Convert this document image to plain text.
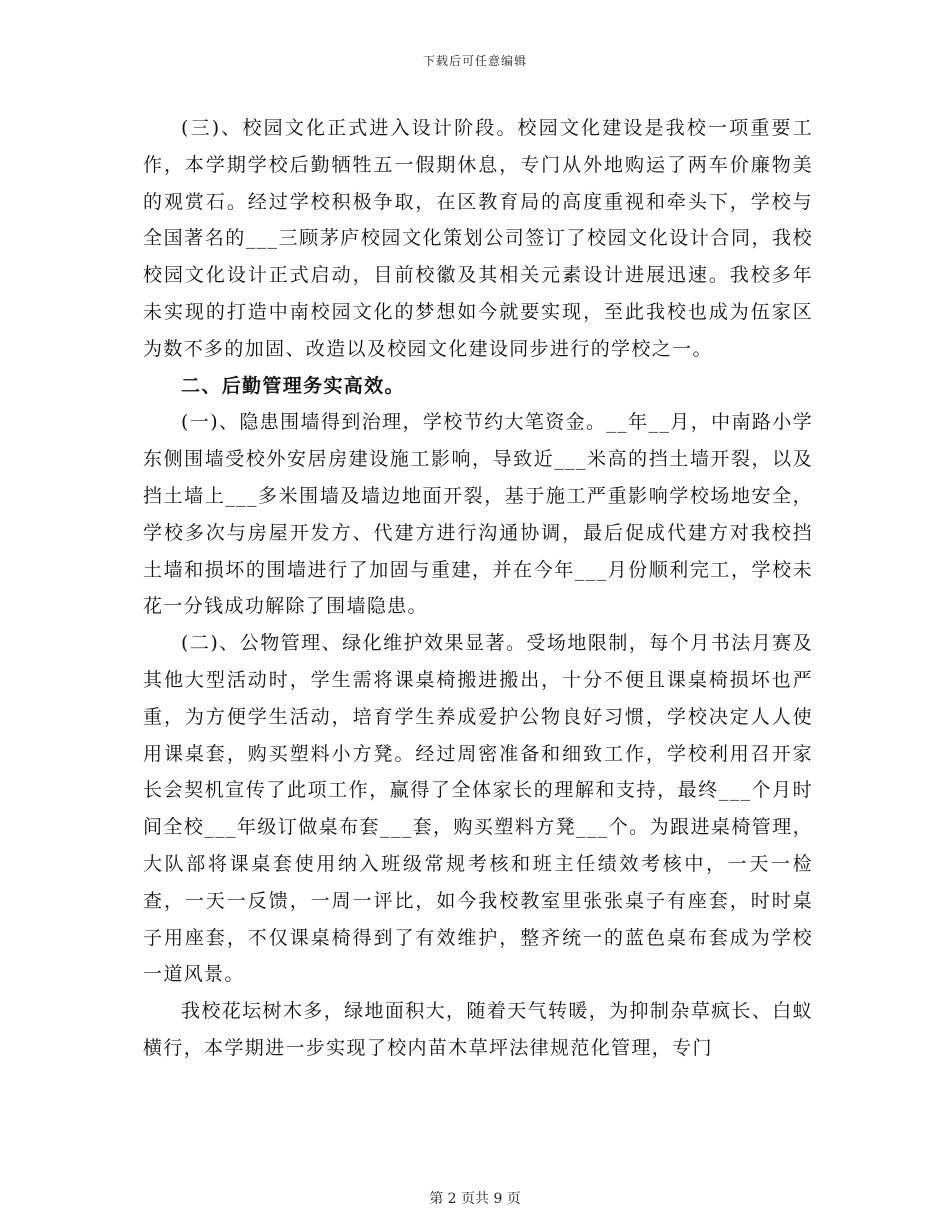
下载后可任意编辑

(三)、校园文化正式进入设计阶段。校园文化建设是我校一项重要工作，本学期学校后勤牺牲五一假期休息，专门从外地购运了两车价廉物美的观赏石。经过学校积极争取，在区教育局的高度重视和牵头下，学校与全国著名的___三顾茅庐校园文化策划公司签订了校园文化设计合同，我校校园文化设计正式启动，目前校徽及其相关元素设计进展迅速。我校多年未实现的打造中南校园文化的梦想如今就要实现，至此我校也成为伍家区为数不多的加固、改造以及校园文化建设同步进行的学校之一。

二、后勤管理务实高效。

(一)、隐患围墙得到治理，学校节约大笔资金。__年__月，中南路小学东侧围墙受校外安居房建设施工影响，导致近___米高的挡土墙开裂，以及挡土墙上___多米围墙及墙边地面开裂，基于施工严重影响学校场地安全，学校多次与房屋开发方、代建方进行沟通协调，最后促成代建方对我校挡土墙和损坏的围墙进行了加固与重建，并在今年___月份顺利完工，学校未花一分钱成功解除了围墙隐患。

(二)、公物管理、绿化维护效果显著。受场地限制，每个月书法月赛及其他大型活动时，学生需将课桌椅搬进搬出，十分不便且课桌椅损坏也严重，为方便学生活动，培育学生养成爱护公物良好习惯，学校决定人人使用课桌套，购买塑料小方凳。经过周密准备和细致工作，学校利用召开家长会契机宣传了此项工作，赢得了全体家长的理解和支持，最终___个月时间全校___年级订做桌布套___套，购买塑料方凳___个。为跟进桌椅管理，大队部将课桌套使用纳入班级常规考核和班主任绩效考核中，一天一检查，一天一反馈，一周一评比，如今我校教室里张张桌子有座套，时时桌子用座套，不仅课桌椅得到了有效维护，整齐统一的蓝色桌布套成为学校一道风景。

我校花坛树木多，绿地面积大，随着天气转暖，为抑制杂草疯长、白蚁横行，本学期进一步实现了校内苗木草坪法律规范化管理，专门

第 2 页共 9 页
